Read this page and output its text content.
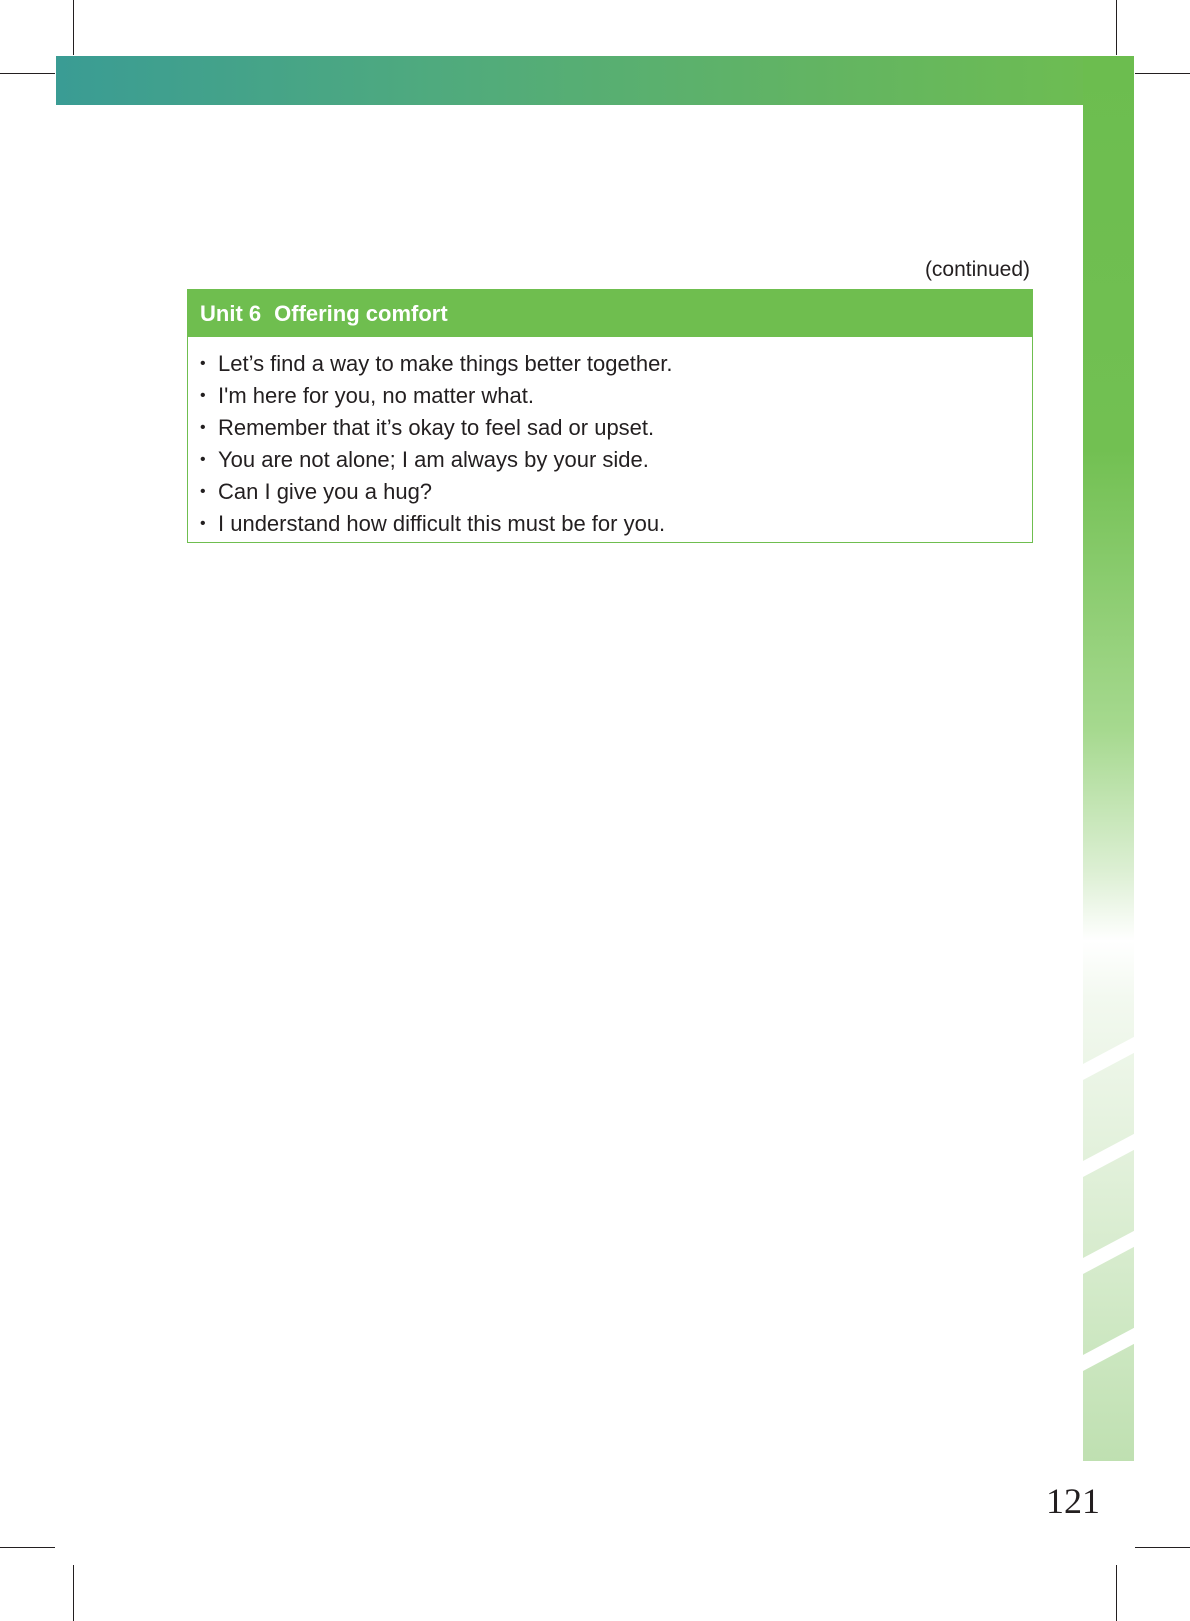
(continued)
Unit 6 Offering comfort
• Let’s find a way to make things better together.
• I'm here for you, no matter what.
• Remember that it’s okay to feel sad or upset.
• You are not alone; I am always by your side.
• Can I give you a hug?
• I understand how difficult this must be for you.
121
